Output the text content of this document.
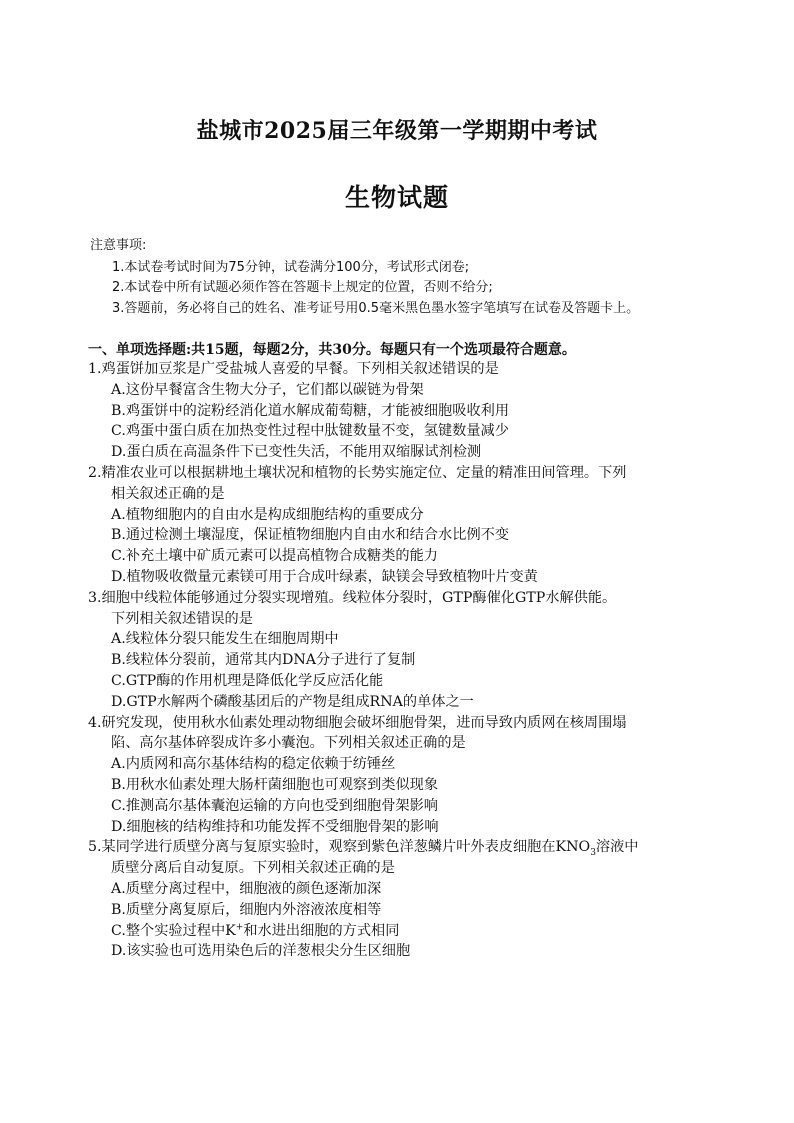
盐城市2025届三年级第一学期期中考试
生物试题
注意事项:
1.本试卷考试时间为75分钟，试卷满分100分，考试形式闭卷;
2.本试卷中所有试题必须作答在答题卡上规定的位置，否则不给分;
3.答题前，务必将自己的姓名、准考证号用0.5毫米黑色墨水签字笔填写在试卷及答题卡上。
一、单项选择题:共15题，每题2分，共30分。每题只有一个选项最符合题意。
1.鸡蛋饼加豆浆是广受盐城人喜爱的早餐。下列相关叙述错误的是
A.这份早餐富含生物大分子，它们都以碳链为骨架
B.鸡蛋饼中的淀粉经消化道水解成葡萄糖，才能被细胞吸收利用
C.鸡蛋中蛋白质在加热变性过程中肽键数量不变，氢键数量减少
D.蛋白质在高温条件下已变性失活，不能用双缩脲试剂检测
2.精准农业可以根据耕地土壤状况和植物的长势实施定位、定量的精准田间管理。下列
相关叙述正确的是
A.植物细胞内的自由水是构成细胞结构的重要成分
B.通过检测土壤湿度，保证植物细胞内自由水和结合水比例不变
C.补充土壤中矿质元素可以提高植物合成糖类的能力
D.植物吸收微量元素镁可用于合成叶绿素，缺镁会导致植物叶片变黄
3.细胞中线粒体能够通过分裂实现增殖。线粒体分裂时，GTP酶催化GTP水解供能。
下列相关叙述错误的是
A.线粒体分裂只能发生在细胞周期中
B.线粒体分裂前，通常其内DNA分子进行了复制
C.GTP酶的作用机理是降低化学反应活化能
D.GTP水解两个磷酸基团后的产物是组成RNA的单体之一
4.研究发现，使用秋水仙素处理动物细胞会破坏细胞骨架，进而导致内质网在核周围塌
陷、高尔基体碎裂成许多小囊泡。下列相关叙述正确的是
A.内质网和高尔基体结构的稳定依赖于纺锤丝
B.用秋水仙素处理大肠杆菌细胞也可观察到类似现象
C.推测高尔基体囊泡运输的方向也受到细胞骨架影响
D.细胞核的结构维持和功能发挥不受细胞骨架的影响
5.某同学进行质壁分离与复原实验时，观察到紫色洋葱鳞片叶外表皮细胞在$KNO_3$溶液中
质壁分离后自动复原。下列相关叙述正确的是
A.质壁分离过程中，细胞液的颜色逐渐加深
B.质壁分离复原后，细胞内外溶液浓度相等
C.整个实验过程中K+和水进出细胞的方式相同
D.该实验也可选用染色后的洋葱根尖分生区细胞
